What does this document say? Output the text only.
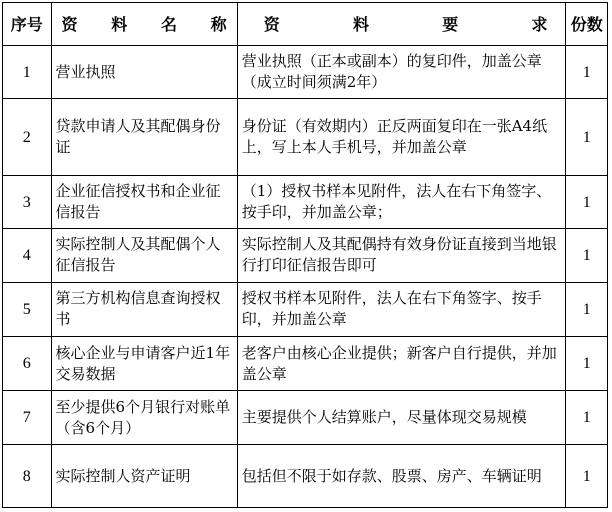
序号	资 料 名 称	资 料 要 求	份数
1	营业执照	营业执照（正本或副本）的复印件，加盖公章　（成立时间须满2年）	1
2	贷款申请人及其配偶身份证	身份证（有效期内）正反两面复印在一张A4纸上，写上本人手机号，并加盖公章	1
3	企业征信授权书和企业征信报告	（1）授权书样本见附件，法人在右下角签字、按手印，并加盖公章；	1
4	实际控制人及其配偶个人征信报告	实际控制人及其配偶持有效身份证直接到当地银行打印征信报告即可	1
5	第三方机构信息查询授权书	授权书样本见附件，法人在右下角签字、按手印，并加盖公章	1
6	核心企业与申请客户近1年交易数据	老客户由核心企业提供；新客户自行提供，并加盖公章	1
7	至少提供6个月银行对账单（含6个月）	主要提供个人结算账户，尽量体现交易规模	1
8	实际控制人资产证明	包括但不限于如存款、股票、房产、车辆证明	1
